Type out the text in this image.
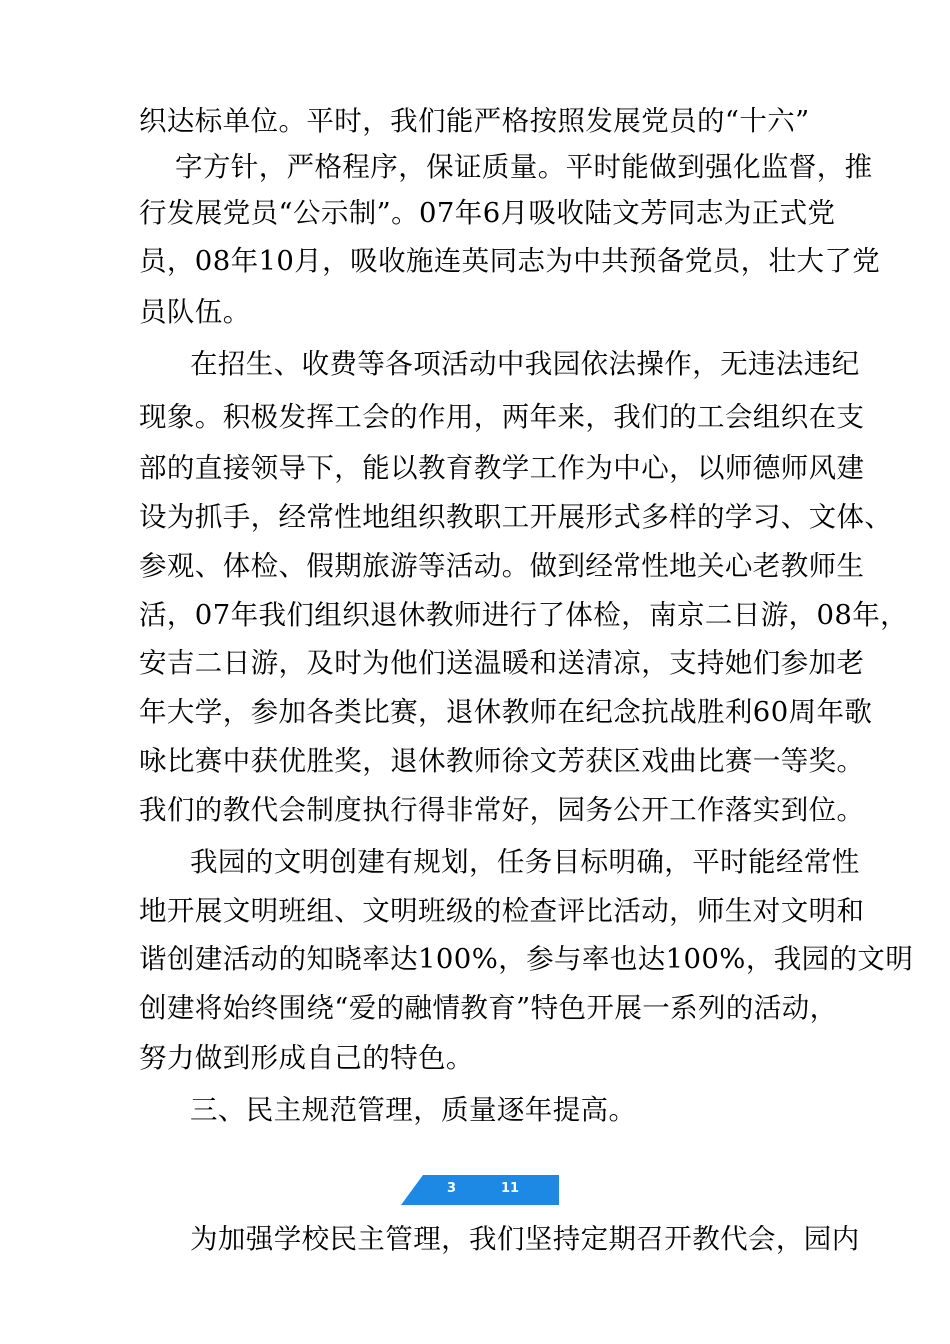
织达标单位。平时，我们能严格按照发展党员的“十六”
字方针，严格程序，保证质量。平时能做到强化监督，推
行发展党员“公示制”。07年6月吸收陆文芳同志为正式党
员，08年10月，吸收施连英同志为中共预备党员，壮大了党
员队伍。
在招生、收费等各项活动中我园依法操作，无违法违纪
现象。积极发挥工会的作用，两年来，我们的工会组织在支
部的直接领导下，能以教育教学工作为中心，以师德师风建
设为抓手，经常性地组织教职工开展形式多样的学习、文体、
参观、体检、假期旅游等活动。做到经常性地关心老教师生
活，07年我们组织退休教师进行了体检，南京二日游，08年，
安吉二日游，及时为他们送温暖和送清凉，支持她们参加老
年大学，参加各类比赛，退休教师在纪念抗战胜利60周年歌
咏比赛中获优胜奖，退休教师徐文芳获区戏曲比赛一等奖。
我们的教代会制度执行得非常好，园务公开工作落实到位。
我园的文明创建有规划，任务目标明确，平时能经常性
地开展文明班组、文明班级的检查评比活动，师生对文明和
谐创建活动的知晓率达100%，参与率也达100%，我园的文明
创建将始终围绕“爱的融情教育”特色开展一系列的活动，
努力做到形成自己的特色。
三、民主规范管理，质量逐年提高。
3	11
为加强学校民主管理，我们坚持定期召开教代会，园内
